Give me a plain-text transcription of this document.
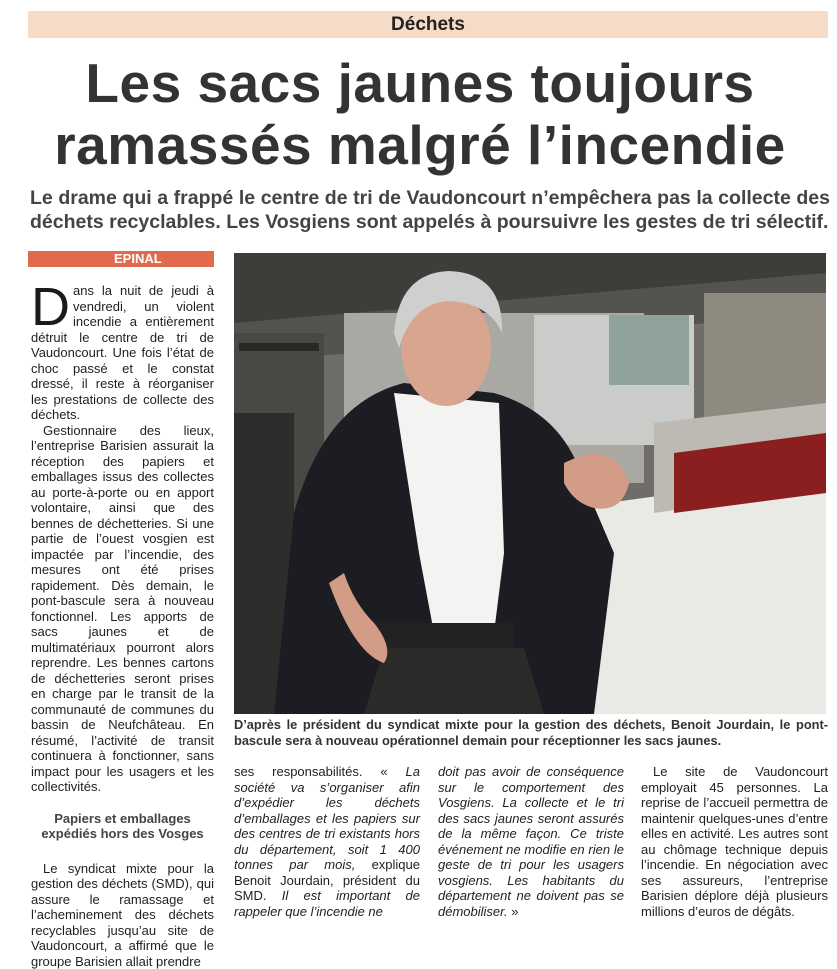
Déchets
Les sacs jaunes toujours
ramassés malgré l’incendie
Le drame qui a frappé le centre de tri de Vaudoncourt n’empêchera pas la collecte des déchets recyclables. Les Vosgiens sont appelés à poursuivre les gestes de tri sélectif.
EPINAL

Dans la nuit de jeudi à vendredi, un violent incendie a entièrement détruit le centre de tri de Vaudoncourt. Une fois l’état de choc passé et le constat dressé, il reste à réorganiser les prestations de collecte des déchets.

Gestionnaire des lieux, l’entreprise Barisien assurait la réception des papiers et emballages issus des collectes au porte-à-porte ou en apport volontaire, ainsi que des bennes de déchetteries. Si une partie de l’ouest vosgien est impactée par l’incendie, des mesures ont été prises rapidement. Dès demain, le pont-bascule sera à nouveau fonctionnel. Les apports de sacs jaunes et de multimatériaux pourront alors reprendre. Les bennes cartons de déchetteries seront prises en charge par le transit de la communauté de communes du bassin de Neufchâteau. En résumé, l’activité de transit continuera à fonctionner, sans impact pour les usagers et les collectivités.

Papiers et emballages expédiés hors des Vosges

Le syndicat mixte pour la gestion des déchets (SMD), qui assure le ramassage et l’acheminement des déchets recyclables jusqu’au site de Vaudoncourt, a affirmé que le groupe Barisien allait prendre

D’après le président du syndicat mixte pour la gestion des déchets, Benoit Jourdain, le pont-bascule sera à nouveau opérationnel demain pour réceptionner les sacs jaunes.

ses responsabilités. « La société va s’organiser afin d’expédier les déchets d’emballages et les papiers sur des centres de tri existants hors du département, soit 1 400 tonnes par mois, explique Benoit Jourdain, président du SMD. Il est important de rappeler que l’incendie ne

doit pas avoir de conséquence sur le comportement des Vosgiens. La collecte et le tri des sacs jaunes seront assurés de la même façon. Ce triste événement ne modifie en rien le geste de tri pour les usagers vosgiens. Les habitants du département ne doivent pas se démobiliser. »

Le site de Vaudoncourt employait 45 personnes. La reprise de l’accueil permettra de maintenir quelques-unes d’entre elles en activité. Les autres sont au chômage technique depuis l’incendie. En négociation avec ses assureurs, l’entreprise Barisien déplore déjà plusieurs millions d’euros de dégâts.
